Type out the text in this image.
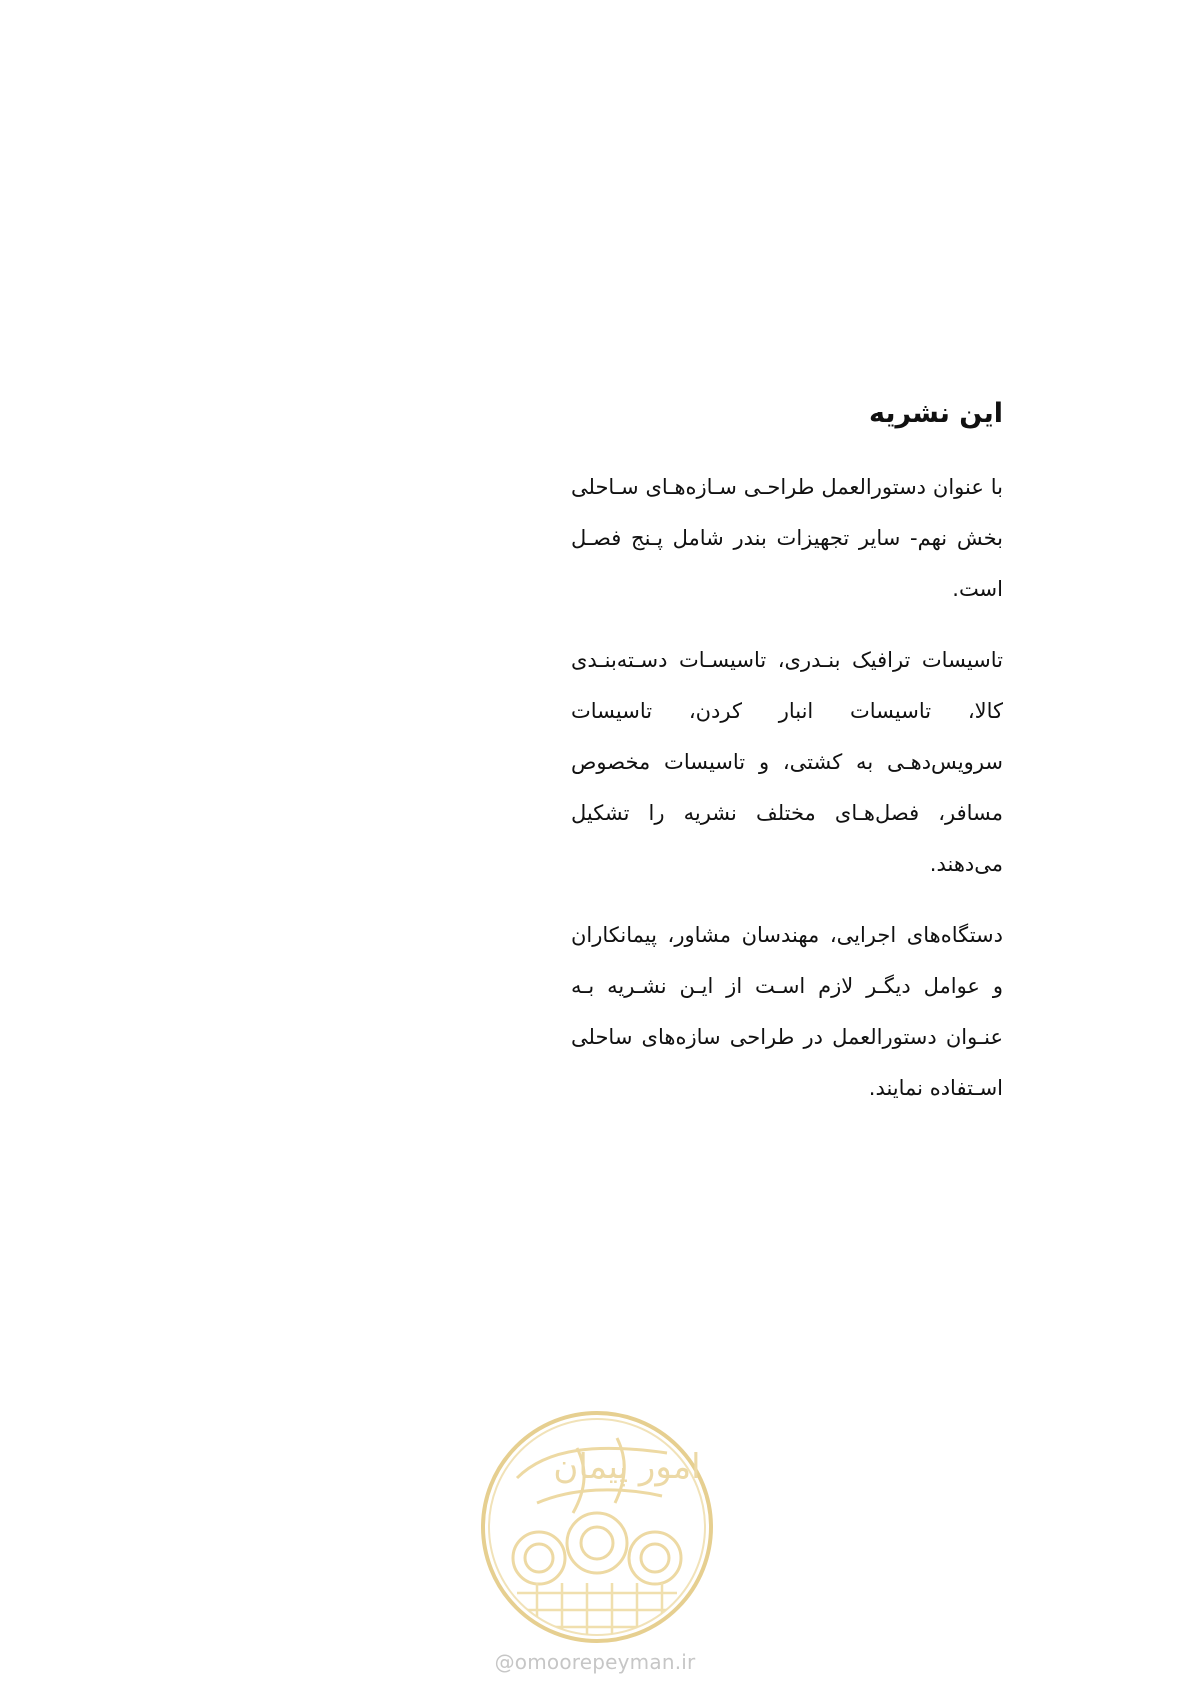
این نشریه

با عنوان دستورالعمل طراحـی سـازه‌هـای سـاحلی بخش نهم- سایر تجهیزات بندر شامل پـنج فصـل است.

تاسیسات ترافیک بنـدری، تاسیسـات دسـته‌بنـدی کالا، تاسیسات انبار کردن، تاسیسات سرویس‌دهـی به کشتی، و تاسیسات مخصوص مسافر، فصل‌هـای مختلف نشریه را تشکیل می‌دهند.

دستگاه‌های اجرایی، مهندسان مشاور، پیمانکاران و عوامل دیگـر لازم اسـت از ایـن نشـریه بـه عنـوان دستورالعمل در طراحی سازه‌های ساحلی اسـتفاده نمایند.

امور پیمان
@omoorepeyman.ir
